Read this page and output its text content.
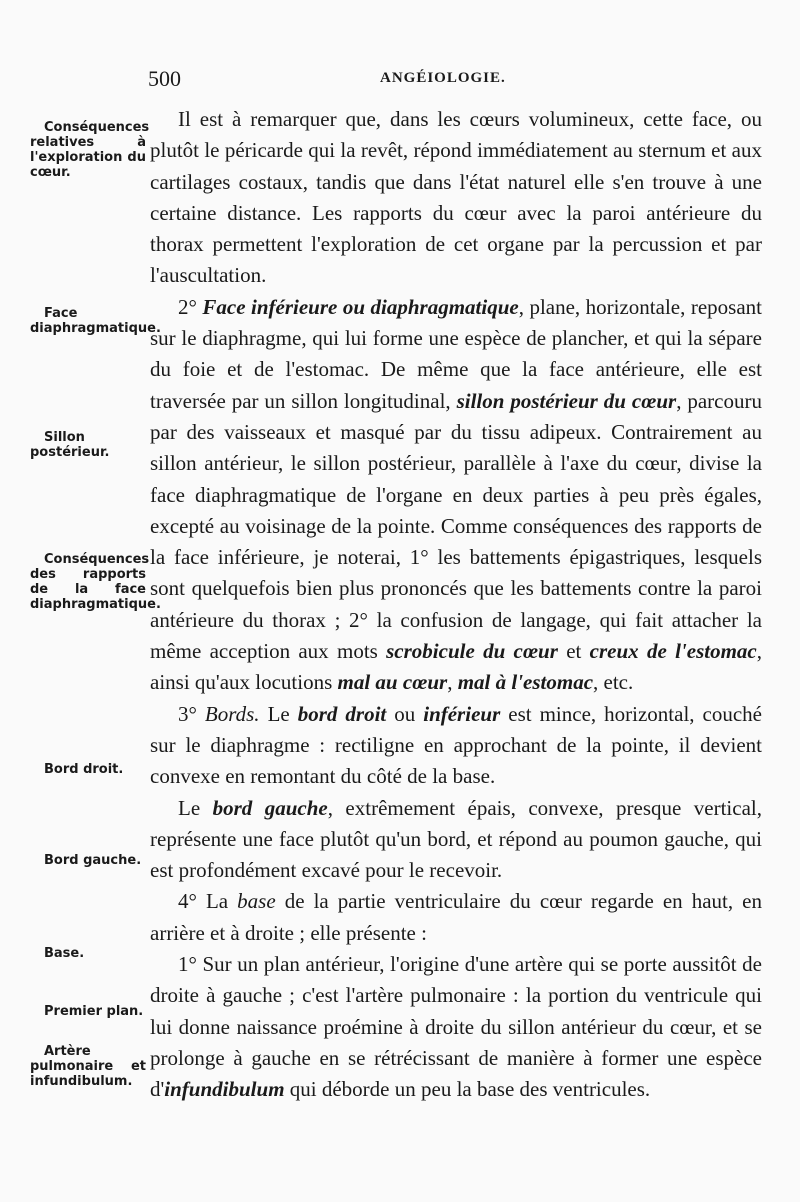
500	ANGÉIOLOGIE.
Conséquences relatives à l'exploration du cœur.
Face diaphragmatique.
Sillon postérieur.
Conséquences des rapports de la face diaphragmatique.
Bord droit.
Bord gauche.
Base.
Premier plan.
Artère pulmonaire et infundibulum.

Il est à remarquer que, dans les cœurs volumineux, cette face, ou plutôt le péricarde qui la revêt, répond immédiatement au sternum et aux cartilages costaux, tandis que dans l'état naturel elle s'en trouve à une certaine distance. Les rapports du cœur avec la paroi antérieure du thorax permettent l'exploration de cet organe par la percussion et par l'auscultation.

2° Face inférieure ou diaphragmatique, plane, horizontale, reposant sur le diaphragme, qui lui forme une espèce de plancher, et qui la sépare du foie et de l'estomac. De même que la face antérieure, elle est traversée par un sillon longitudinal, sillon postérieur du cœur, parcouru par des vaisseaux et masqué par du tissu adipeux. Contrairement au sillon antérieur, le sillon postérieur, parallèle à l'axe du cœur, divise la face diaphragmatique de l'organe en deux parties à peu près égales, excepté au voisinage de la pointe. Comme conséquences des rapports de la face inférieure, je noterai, 1° les battements épigastriques, lesquels sont quelquefois bien plus prononcés que les battements contre la paroi antérieure du thorax ; 2° la confusion de langage, qui fait attacher la même acception aux mots scrobicule du cœur et creux de l'estomac, ainsi qu'aux locutions mal au cœur, mal à l'estomac, etc.

3° Bords. Le bord droit ou inférieur est mince, horizontal, couché sur le diaphragme : rectiligne en approchant de la pointe, il devient convexe en remontant du côté de la base.

Le bord gauche, extrêmement épais, convexe, presque vertical, représente une face plutôt qu'un bord, et répond au poumon gauche, qui est profondément excavé pour le recevoir.

4° La base de la partie ventriculaire du cœur regarde en haut, en arrière et à droite ; elle présente :

1° Sur un plan antérieur, l'origine d'une artère qui se porte aussitôt de droite à gauche ; c'est l'artère pulmonaire : la portion du ventricule qui lui donne naissance proémine à droite du sillon antérieur du cœur, et se prolonge à gauche en se rétrécissant de manière à former une espèce d'infundibulum qui déborde un peu la base des ventricules.
